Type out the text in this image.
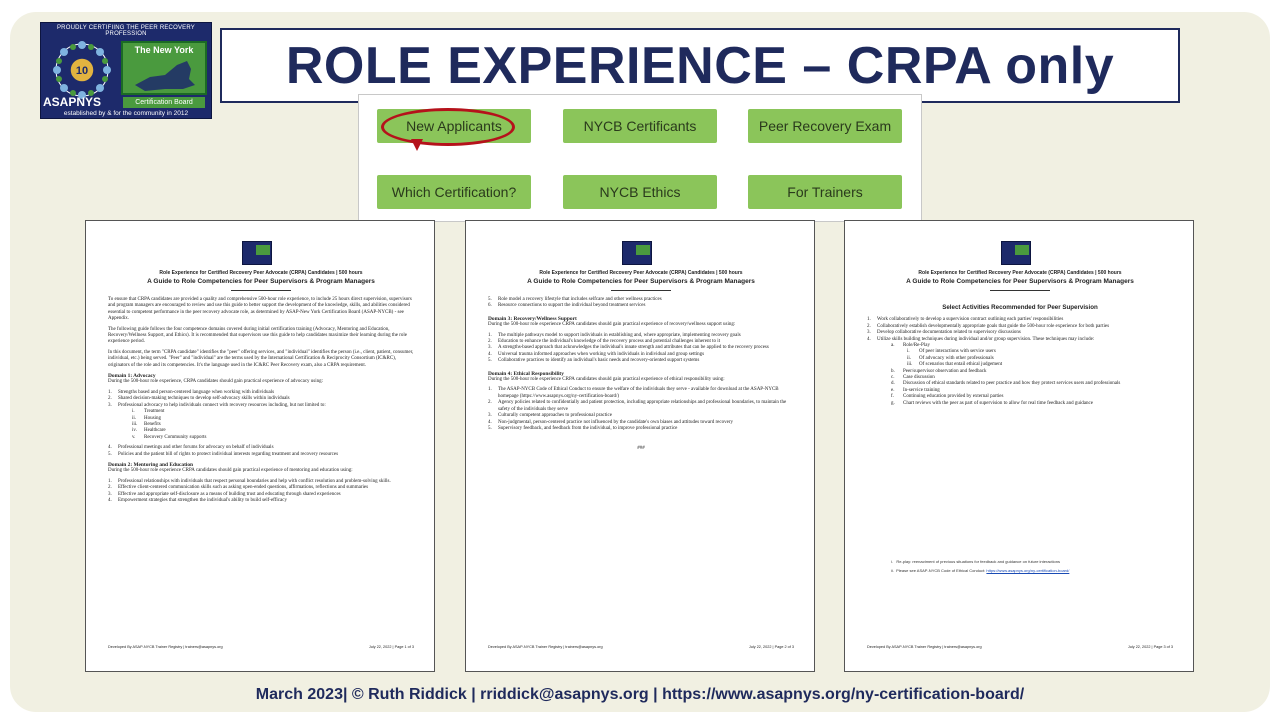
PROUDLY CERTIFIING THE PEER RECOVERY PROFESSION
10
The New York
ASAPNYS	Certification Board
established by & for the community in 2012
ROLE EXPERIENCE – CRPA only
New Applicants	NYCB Certificants	Peer Recovery Exam
Which Certification?	NYCB Ethics	For Trainers
Role Experience for Certified Recovery Peer Advocate (CRPA) Candidates | 500 hours
A Guide to Role Competencies for Peer Supervisors & Program Managers

To ensure that CRPA candidates are provided a quality and comprehensive 500-hour role experience, to include 25 hours direct supervision, supervisors and program managers are encouraged to review and use this guide to better support the development of the knowledge, skills, and abilities considered essential to competent performance in the peer recovery advocate role, as determined by ASAP-New York Certification Board (ASAP-NYCB) - see Appendix.

The following guide follows the four competence domains covered during initial certification training (Advocacy, Mentoring and Education, Recovery/Wellness Support, and Ethics). It is recommended that supervisors use this guide to help candidates maximize their learning during the role experience period.

In this document, the term "CRPA candidate" identifies the "peer" offering services, and "individual" identifies the person (i.e., client, patient, consumer, individual, etc.) being served. "Peer" and "individual" are the terms used by the International Certification & Reciprocity Consortium (IC&RC), originators of the role and its competencies. It's the language used in the IC&RC Peer Recovery exam, also a CRPA requirement.

Domain 1: Advocacy

During the 500-hour role experience, CRPA candidates should gain practical experience of advocacy using:

1. Strengths based and person-centered language when working with individuals
2. Shared decision-making techniques to develop self-advocacy skills within individuals
3. Professional advocacy to help individuals connect with recovery resources including, but not limited to:
i. Treatment
ii. Housing
iii. Benefits
iv. Healthcare
v. Recovery Community supports
4. Professional meetings and other forums for advocacy on behalf of individuals
5. Policies and the patient bill of rights to protect individual interests regarding treatment and recovery resources
Domain 2: Mentoring and Education

During the 500-hour role experience CRPA candidates should gain practical experience of mentoring and education using:

1. Professional relationships with individuals that respect personal boundaries and help with conflict resolution and problem-solving skills.
2. Effective client-centered communication skills such as asking open-ended questions, affirmations, reflections and summaries
3. Effective and appropriate self-disclosure as a means of building trust and educating through shared experiences
4. Empowerment strategies that strengthen the individual's ability to build self-efficacy
Developed By ASAP-NYCB Trainer Registry | trainers@asapnys.org	July 22, 2022 | Page 1 of 3
Role Experience for Certified Recovery Peer Advocate (CRPA) Candidates | 500 hours
A Guide to Role Competencies for Peer Supervisors & Program Managers
5. Role model a recovery lifestyle that includes selfcare and other wellness practices
6. Resource connections to support the individual beyond treatment services
Domain 3: Recovery/Wellness Support

During the 500-hour role experience CRPA candidates should gain practical experience of recovery/wellness support using:

1. The multiple pathways model to support individuals in establishing and, where appropriate, implementing recovery goals
2. Education to enhance the individual's knowledge of the recovery process and potential challenges inherent to it
3. A strengths-based approach that acknowledges the individual's innate strength and attributes that can be applied to the recovery process
4. Universal trauma informed approaches when working with individuals in individual and group settings
5. Collaborative practices to identify an individual's basic needs and recovery-oriented support systems
Domain 4: Ethical Responsibility

During the 500-hour role experience CRPA candidates should gain practical experience of ethical responsibility using:

1. The ASAP-NYCB Code of Ethical Conduct to ensure the welfare of the individuals they serve - available for download at the ASAP-NYCB homepage (https://www.asapnys.org/ny-certification-board/)
2. Agency policies related to confidentially and patient protection, including appropriate relationships and professional boundaries, to maintain the safety of the individuals they serve
3. Culturally competent approaches to professional practice
4. Non-judgmental, person-centered practice not influenced by the candidate's own biases and attitudes toward recovery
5. Supervisory feedback, and feedback from the individual, to improve professional practice
###
Developed By ASAP-NYCB Trainer Registry | trainers@asapnys.org	July 22, 2022 | Page 2 of 3
Role Experience for Certified Recovery Peer Advocate (CRPA) Candidates | 500 hours
A Guide to Role Competencies for Peer Supervisors & Program Managers
Select Activities Recommended for Peer Supervision
1. Work collaboratively to develop a supervision contract outlining each parties' responsibilities
2. Collaboratively establish developmentally appropriate goals that guide the 500-hour role experience for both parties
3. Develop collaborative documentation related to supervisory discussions
4. Utilize skills building techniques during individual and/or group supervision. These techniques may include:
a. Role/Re-Play
i. Of peer interactions with service users
ii. Of advocacy with other professionals
iii. Of scenarios that entail ethical judgement
b. Peer/supervisor observation and feedback
c. Case discussion
d. Discussion of ethical standards related to peer practice and how they protect services users and professionals
e. In-service training
f. Continuing education provided by external parties
g. Chart reviews with the peer as part of supervision to allow for real time feedback and guidance
i.   Re-play: reenactment of previous situations for feedback and guidance on future interactions
ii.  Please see ASAP-NYCB Code of Ethical Conduct: https://www.asapnys.org/ny-certification-board/
Developed By ASAP-NYCB Trainer Registry | trainers@asapnys.org	July 22, 2022 | Page 3 of 3
March 2023| © Ruth Riddick | rriddick@asapnys.org | https://www.asapnys.org/ny-certification-board/
